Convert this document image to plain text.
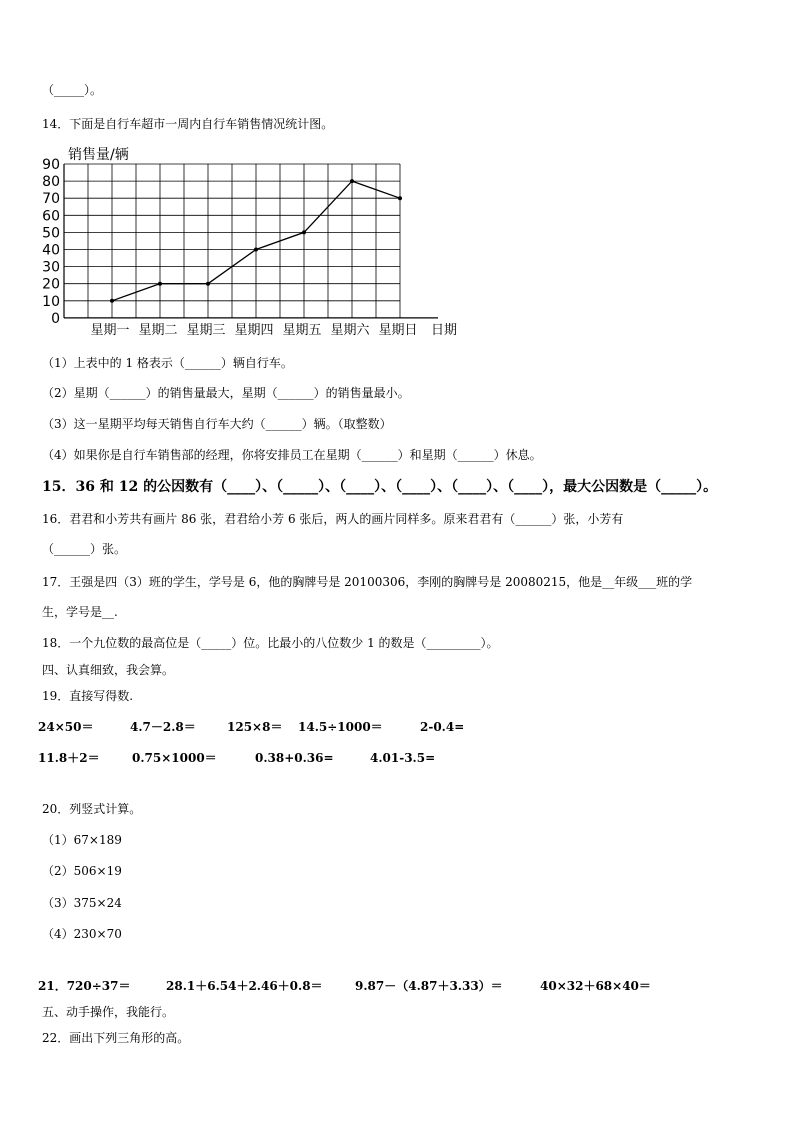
（_____）。
14．下面是自行车超市一周内自行车销售情况统计图。
销售量/辆
0
10
20
30
40
50
60
70
80
90
星期一 星期二 星期三 星期四 星期五 星期六 星期日 日期
（1）上表中的 1 格表示（______）辆自行车。
（2）星期（______）的销售量最大，星期（______）的销售量最小。
（3）这一星期平均每天销售自行车大约（______）辆。（取整数）
（4）如果你是自行车销售部的经理，你将安排员工在星期（______）和星期（______）休息。
15．36 和 12 的公因数有（____）、（_____）、（____）、（____）、（____）、（____），最大公因数是（_____）。
16．君君和小芳共有画片 86 张，君君给小芳 6 张后，两人的画片同样多。原来君君有（______）张，小芳有
（______）张。
17．王强是四（3）班的学生，学号是 6，他的胸牌号是 20100306，李刚的胸牌号是 20080215，他是__年级___班的学
生，学号是__.
18．一个九位数的最高位是（_____）位。比最小的八位数少 1 的数是（_________）。
四、认真细致，我会算。
19．直接写得数.
24×50＝	4.7－2.8＝	125×8＝ 14.5÷1000＝	2-0.4=
11.8＋2＝	0.75×1000＝	0.38+0.36=	4.01-3.5=
20．列竖式计算。
（1）67×189
（2）506×19
（3）375×24
（4）230×70
21．720÷37＝	28.1＋6.54＋2.46＋0.8＝	9.87－（4.87＋3.33）＝	40×32＋68×40＝
五、动手操作，我能行。
22．画出下列三角形的高。
